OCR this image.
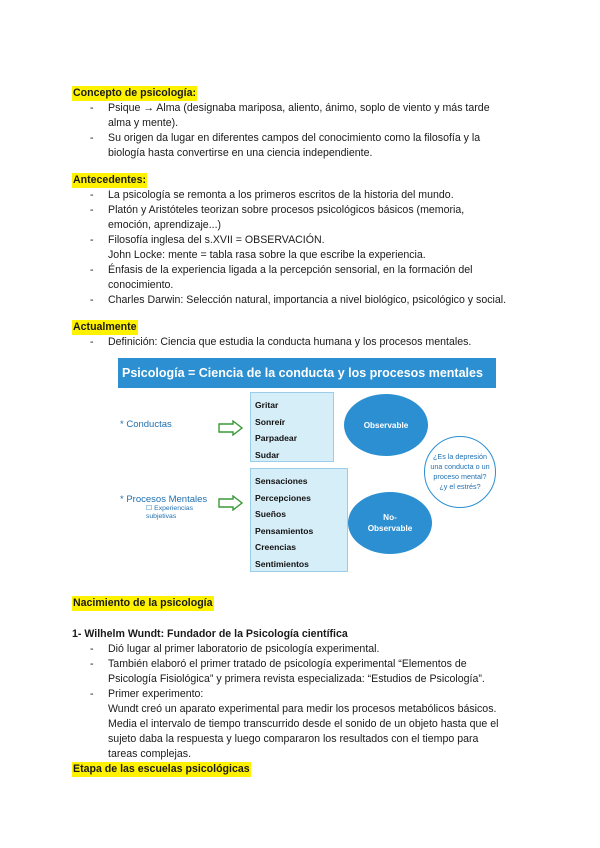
Concepto de psicología:
- Psique → Alma (designaba mariposa, aliento, ánimo, soplo de viento y más tarde
alma y mente).
- Su origen da lugar en diferentes campos del conocimiento como la filosofía y la
biología hasta convertirse en una ciencia independiente.
Antecedentes:
- La psicología se remonta a los primeros escritos de la historia del mundo.
- Platón y Aristóteles teorizan sobre procesos psicológicos básicos (memoria,
emoción, aprendizaje...)
- Filosofía inglesa del s.XVII = OBSERVACIÓN.
John Locke: mente = tabla rasa sobre la que escribe la experiencia.
- Énfasis de la experiencia ligada a la percepción sensorial, en la formación del
conocimiento.
- Charles Darwin: Selección natural, importancia a nivel biológico, psicológico y social.
Actualmente
- Definición: Ciencia que estudia la conducta humana y los procesos mentales.
Psicología = Ciencia de la conducta y los procesos mentales
* Conductas
Gritar
Sonreír
Parpadear
Sudar
Observable
¿Es la depresión una conducta o un proceso mental? ¿y el estrés?
* Procesos Mentales
☐ Experiencias subjetivas
Sensaciones
Percepciones
Sueños
Pensamientos
Creencias
Sentimientos
No-Observable
Nacimiento de la psicología
1- Wilhelm Wundt: Fundador de la Psicología científica
- Dió lugar al primer laboratorio de psicología experimental.
- También elaboró el primer tratado de psicología experimental “Elementos de
Psicología Fisiológica” y primera revista especializada: “Estudios de Psicología”.
- Primer experimento:
Wundt creó un aparato experimental para medir los procesos metabólicos básicos.
Media el intervalo de tiempo transcurrido desde el sonido de un objeto hasta que el
sujeto daba la respuesta y luego compararon los resultados con el tiempo para
tareas complejas.
Etapa de las escuelas psicológicas
